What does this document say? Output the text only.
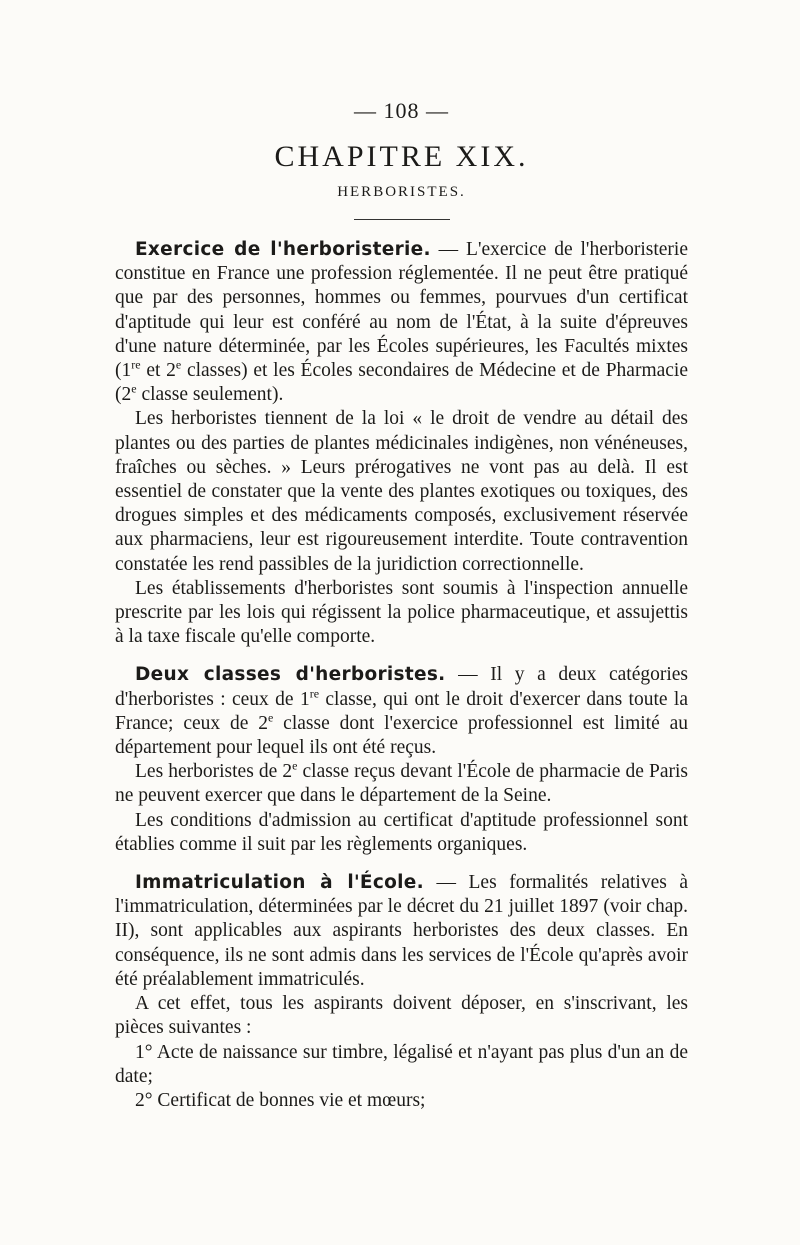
— 108 —
CHAPITRE XIX.
HERBORISTES.

Exercice de l'herboristerie. — L'exercice de l'herboristerie constitue en France une profession réglementée. Il ne peut être pratiqué que par des personnes, hommes ou femmes, pourvues d'un certificat d'aptitude qui leur est conféré au nom de l'État, à la suite d'épreuves d'une nature déterminée, par les Écoles supérieures, les Facultés mixtes (1re et 2e classes) et les Écoles secondaires de Médecine et de Pharmacie (2e classe seulement).

Les herboristes tiennent de la loi « le droit de vendre au détail des plantes ou des parties de plantes médicinales indigènes, non vénéneuses, fraîches ou sèches. » Leurs prérogatives ne vont pas au delà. Il est essentiel de constater que la vente des plantes exotiques ou toxiques, des drogues simples et des médicaments composés, exclusivement réservée aux pharmaciens, leur est rigoureusement interdite. Toute contravention constatée les rend passibles de la juridiction correctionnelle.

Les établissements d'herboristes sont soumis à l'inspection annuelle prescrite par les lois qui régissent la police pharmaceutique, et assujettis à la taxe fiscale qu'elle comporte.

Deux classes d'herboristes. — Il y a deux catégories d'herboristes : ceux de 1re classe, qui ont le droit d'exercer dans toute la France; ceux de 2e classe dont l'exercice professionnel est limité au département pour lequel ils ont été reçus.

Les herboristes de 2e classe reçus devant l'École de pharmacie de Paris ne peuvent exercer que dans le département de la Seine.

Les conditions d'admission au certificat d'aptitude professionnel sont établies comme il suit par les règlements organiques.

Immatriculation à l'École. — Les formalités relatives à l'immatriculation, déterminées par le décret du 21 juillet 1897 (voir chap. II), sont applicables aux aspirants herboristes des deux classes. En conséquence, ils ne sont admis dans les services de l'École qu'après avoir été préalablement immatriculés.

A cet effet, tous les aspirants doivent déposer, en s'inscrivant, les pièces suivantes :

1° Acte de naissance sur timbre, légalisé et n'ayant pas plus d'un an de date;

2° Certificat de bonnes vie et mœurs;
